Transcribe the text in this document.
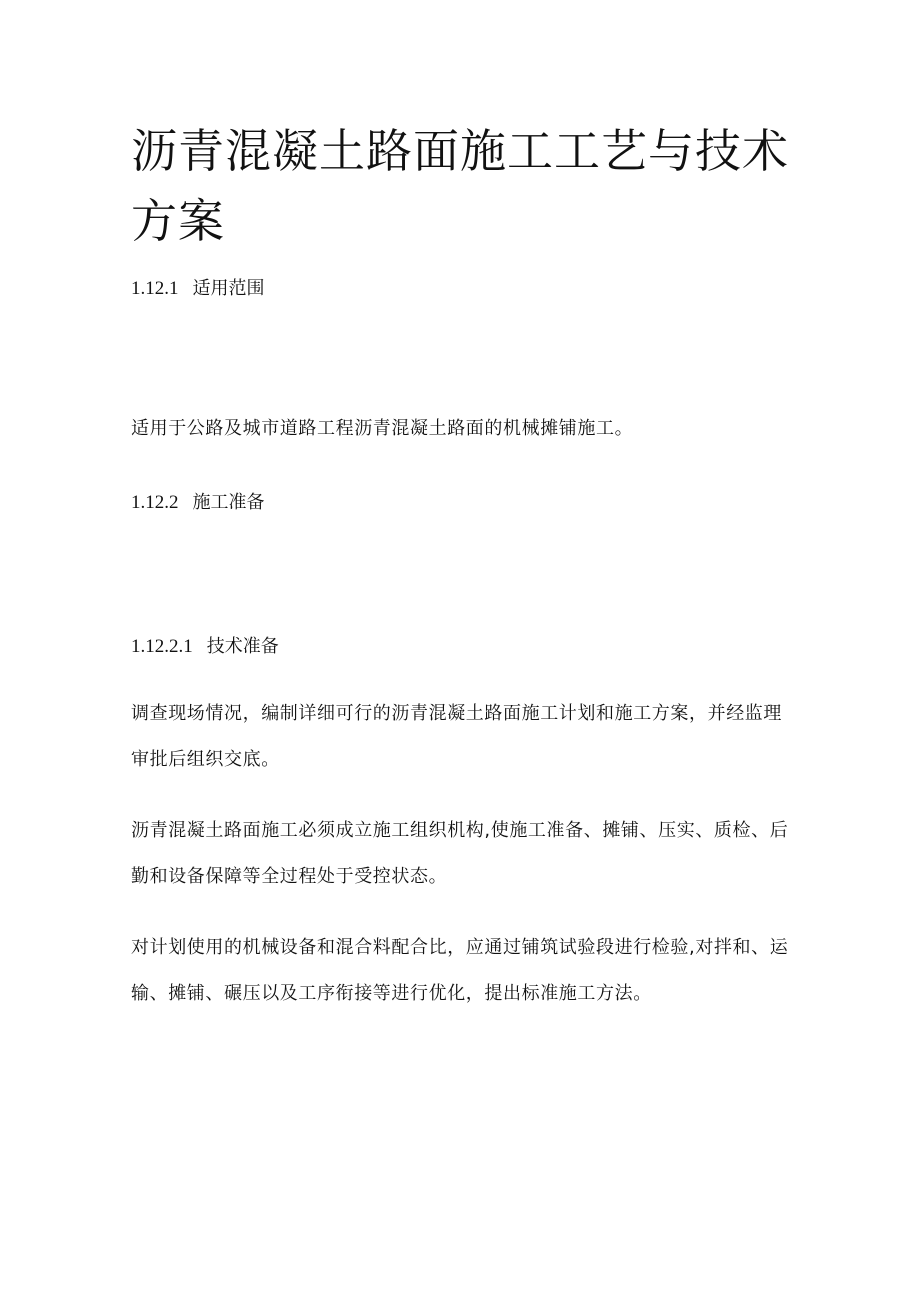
沥青混凝土路面施工工艺与技术方案
1.12.1 适用范围

适用于公路及城市道路工程沥青混凝土路面的机械摊铺施工。

1.12.2 施工准备
1.12.2.1 技术准备

调查现场情况，编制详细可行的沥青混凝土路面施工计划和施工方案，并经监理审批后组织交底。

沥青混凝土路面施工必须成立施工组织机构,使施工准备、摊铺、压实、质检、后勤和设备保障等全过程处于受控状态。

对计划使用的机械设备和混合料配合比，应通过铺筑试验段进行检验,对拌和、运输、摊铺、碾压以及工序衔接等进行优化，提出标准施工方法。
